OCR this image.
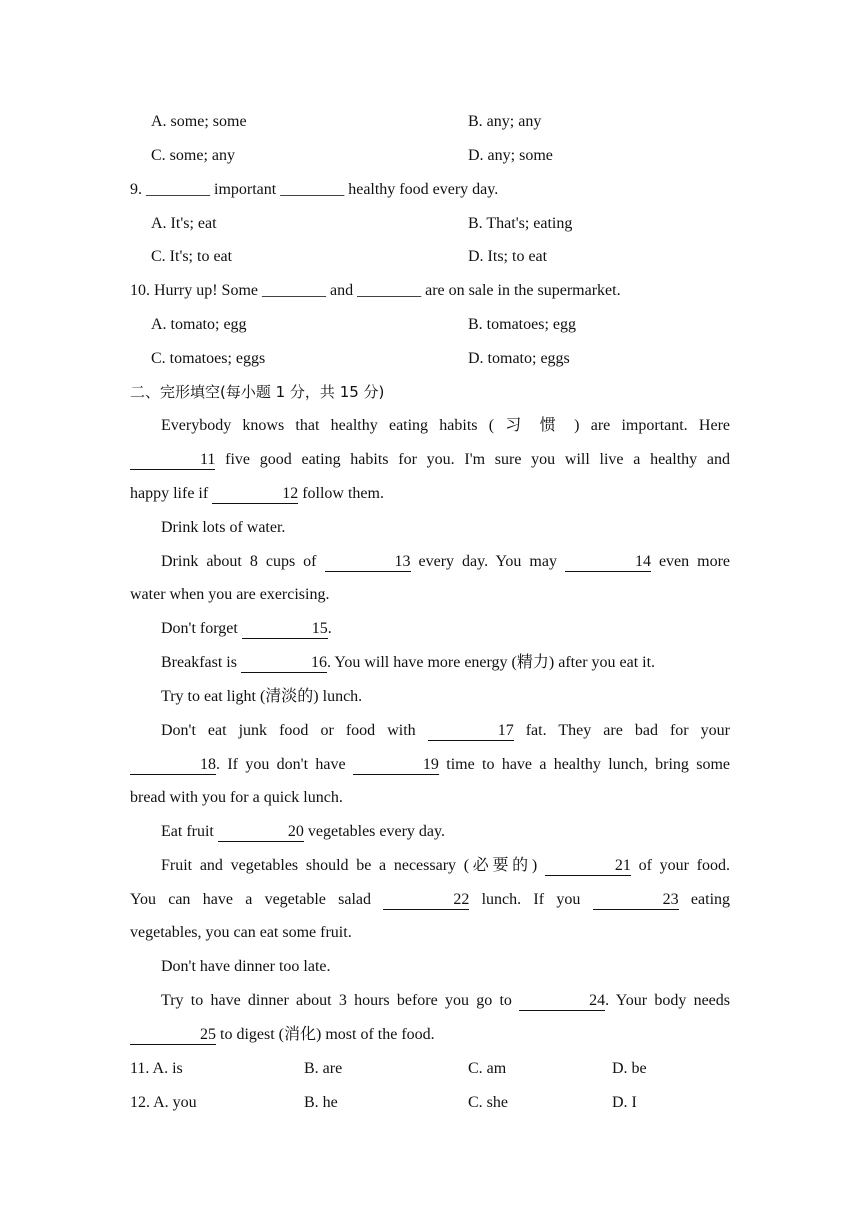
A. some; some	B. any; any
C. some; any	D. any; some
9. ________ important ________ healthy food every day.
A. It's; eat	B. That's; eating
C. It's; to eat	D. Its; to eat
10. Hurry up! Some ________ and ________ are on sale in the supermarket.
A. tomato; egg	B. tomatoes; egg
C. tomatoes; eggs	D. tomato; eggs
二、完形填空(每小题 1 分，共 15 分)
Everybody knows that healthy eating habits ( 习 惯 ) are important. Here
11 five good eating habits for you. I'm sure you will live a healthy and
happy life if	12 follow them.
Drink lots of water.
Drink about 8 cups of	13 every day. You may	14 even more
water when you are exercising.
Don't forget	15.
Breakfast is	16. You will have more energy (精力) after you eat it.
Try to eat light (清淡的) lunch.
Don't eat junk food or food with	17 fat. They are bad for your
18. If you don't have	19 time to have a healthy lunch, bring some
bread with you for a quick lunch.
Eat fruit	20 vegetables every day.
Fruit and vegetables should be a necessary (必要的)	21 of your food.
You can have a vegetable salad	22 lunch. If you	23 eating
vegetables, you can eat some fruit.
Don't have dinner too late.
Try to have dinner about 3 hours before you go to	24. Your body needs
25 to digest (消化) most of the food.
11. A. is	B. are	C. am	D. be
12. A. you	B. he	C. she	D. I
